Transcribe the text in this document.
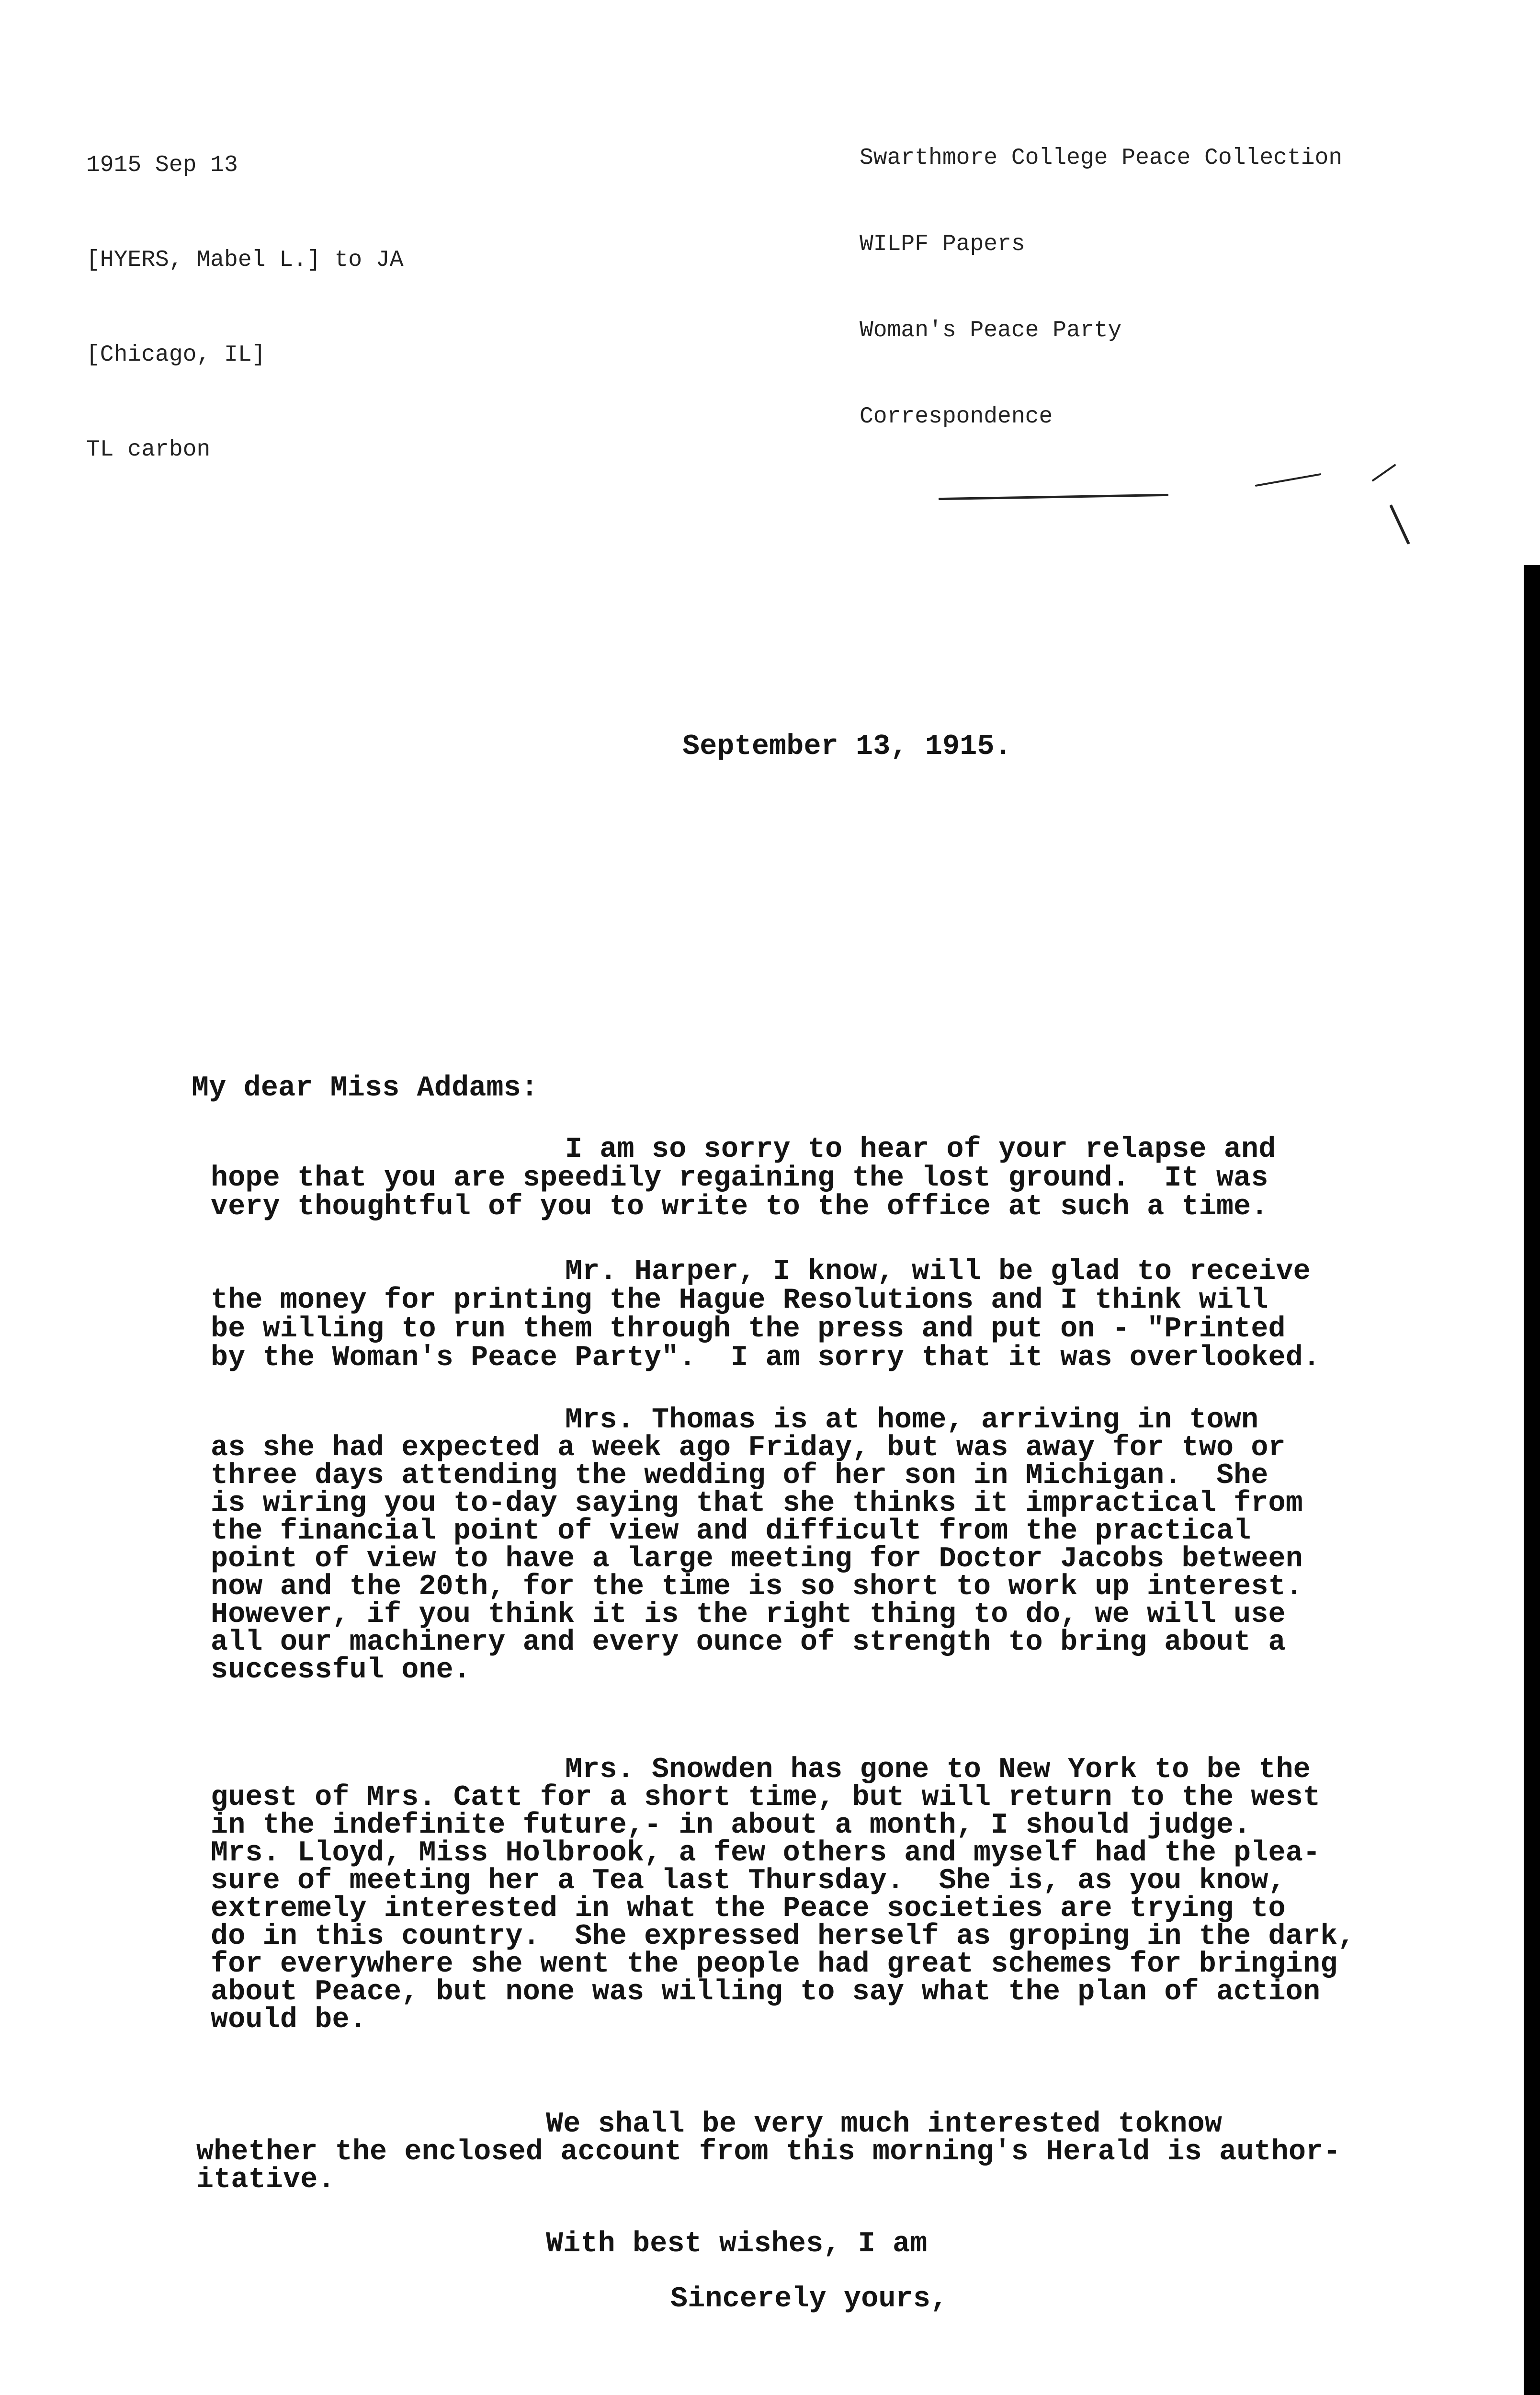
1915 Sep 13

[HYERS, Mabel L.] to JA

[Chicago, IL]

TL carbon

Swarthmore College Peace Collection

WILPF Papers

Woman's Peace Party

Correspondence

September 13, 1915.
My dear Miss Addams:
I am so sorry to hear of your relapse and
hope that you are speedily regaining the lost ground.  It was
very thoughtful of you to write to the office at such a time.
Mr. Harper, I know, will be glad to receive
the money for printing the Hague Resolutions and I think will
be willing to run them through the press and put on - "Printed
by the Woman's Peace Party".  I am sorry that it was overlooked.
Mrs. Thomas is at home, arriving in town
as she had expected a week ago Friday, but was away for two or
three days attending the wedding of her son in Michigan.  She
is wiring you to-day saying that she thinks it impractical from
the financial point of view and difficult from the practical
point of view to have a large meeting for Doctor Jacobs between
now and the 20th, for the time is so short to work up interest.
However, if you think it is the right thing to do, we will use
all our machinery and every ounce of strength to bring about a
successful one.
Mrs. Snowden has gone to New York to be the
guest of Mrs. Catt for a short time, but will return to the west
in the indefinite future,- in about a month, I should judge.
Mrs. Lloyd, Miss Holbrook, a few others and myself had the plea-
sure of meeting her a Tea last Thursday.  She is, as you know,
extremely interested in what the Peace societies are trying to
do in this country.  She expressed herself as groping in the dark,
for everywhere she went the people had great schemes for bringing
about Peace, but none was willing to say what the plan of action
would be.
We shall be very much interested toknow
whether the enclosed account from this morning's Herald is author-
itative.
With best wishes, I am
Sincerely yours,
